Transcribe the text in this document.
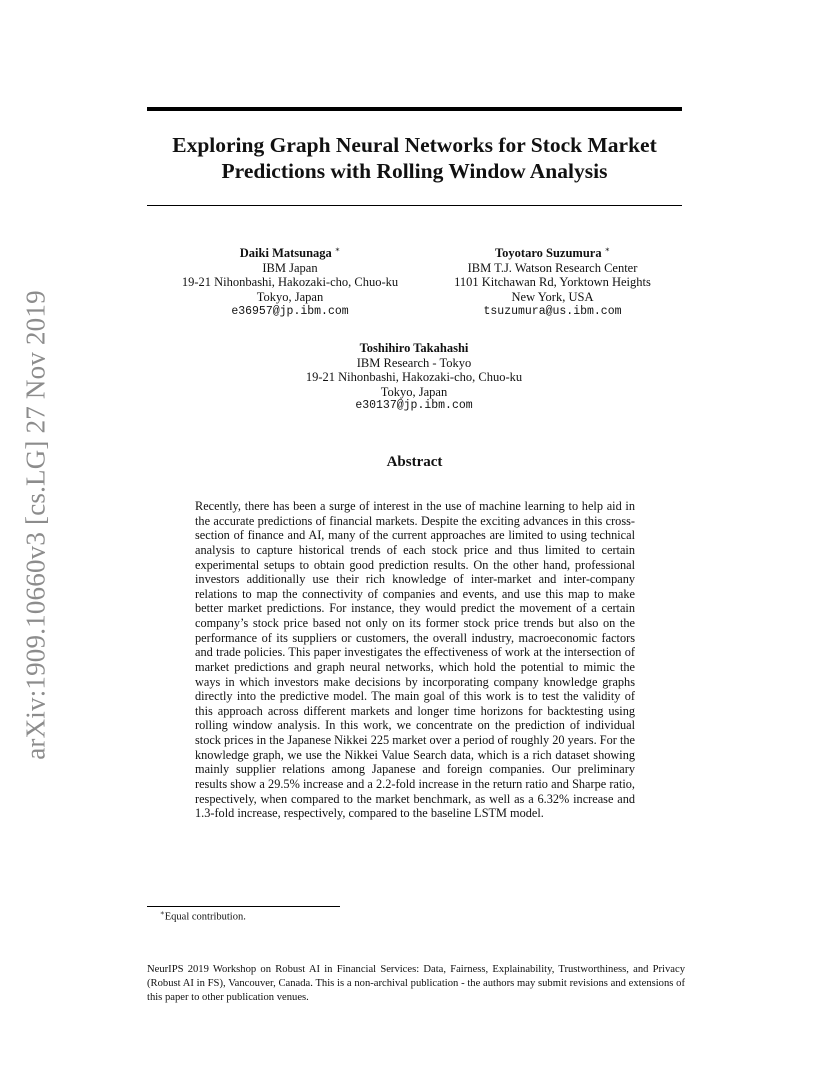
arXiv:1909.10660v3 [cs.LG] 27 Nov 2019
Exploring Graph Neural Networks for Stock Market
Predictions with Rolling Window Analysis
Daiki Matsunaga ∗
IBM Japan
19-21 Nihonbashi, Hakozaki-cho, Chuo-ku
Tokyo, Japan
e36957@jp.ibm.com
Toyotaro Suzumura ∗
IBM T.J. Watson Research Center
1101 Kitchawan Rd, Yorktown Heights
New York, USA
tsuzumura@us.ibm.com
Toshihiro Takahashi
IBM Research - Tokyo
19-21 Nihonbashi, Hakozaki-cho, Chuo-ku
Tokyo, Japan
e30137@jp.ibm.com
Abstract
Recently, there has been a surge of interest in the use of machine learning to help aid in the accurate predictions of financial markets. Despite the exciting advances in this cross-section of finance and AI, many of the current approaches are limited to using technical analysis to capture historical trends of each stock price and thus limited to certain experimental setups to obtain good prediction results. On the other hand, professional investors additionally use their rich knowledge of inter-market and inter-company relations to map the connectivity of companies and events, and use this map to make better market predictions. For instance, they would predict the movement of a certain company’s stock price based not only on its former stock price trends but also on the performance of its suppliers or customers, the overall industry, macroeconomic factors and trade policies. This paper investigates the effectiveness of work at the intersection of market predictions and graph neural networks, which hold the potential to mimic the ways in which investors make decisions by incorporating company knowledge graphs directly into the predictive model. The main goal of this work is to test the validity of this approach across different markets and longer time horizons for backtesting using rolling window analysis. In this work, we concentrate on the prediction of individual stock prices in the Japanese Nikkei 225 market over a period of roughly 20 years. For the knowledge graph, we use the Nikkei Value Search data, which is a rich dataset showing mainly supplier relations among Japanese and foreign companies. Our preliminary results show a 29.5% increase and a 2.2-fold increase in the return ratio and Sharpe ratio, respectively, when compared to the market benchmark, as well as a 6.32% increase and 1.3-fold increase, respectively, compared to the baseline LSTM model.
∗Equal contribution.
NeurIPS 2019 Workshop on Robust AI in Financial Services: Data, Fairness, Explainability, Trustworthiness, and Privacy (Robust AI in FS), Vancouver, Canada. This is a non-archival publication - the authors may submit revisions and extensions of this paper to other publication venues.
